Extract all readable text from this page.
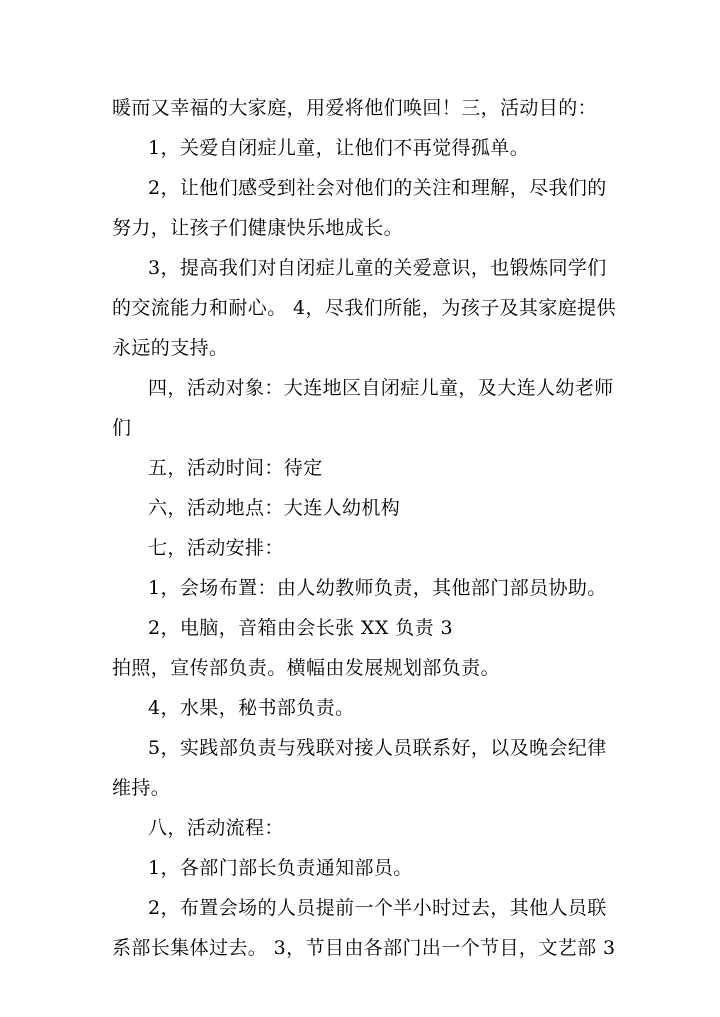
暖而又幸福的大家庭，用爱将他们唤回！三，活动目的：
1，关爱自闭症儿童，让他们不再觉得孤单。
2，让他们感受到社会对他们的关注和理解，尽我们的
努力，让孩子们健康快乐地成长。
3，提高我们对自闭症儿童的关爱意识，也锻炼同学们
的交流能力和耐心。 4，尽我们所能，为孩子及其家庭提供
永远的支持。
四，活动对象：大连地区自闭症儿童，及大连人幼老师
们
五，活动时间：待定
六，活动地点：大连人幼机构
七，活动安排：
1，会场布置：由人幼教师负责，其他部门部员协助。
2，电脑，音箱由会长张 XX 负责 3
拍照，宣传部负责。横幅由发展规划部负责。
4，水果，秘书部负责。
5，实践部负责与残联对接人员联系好，以及晚会纪律
维持。
八，活动流程：
1，各部门部长负责通知部员。
2，布置会场的人员提前一个半小时过去，其他人员联
系部长集体过去。 3，节目由各部门出一个节目，文艺部 3
